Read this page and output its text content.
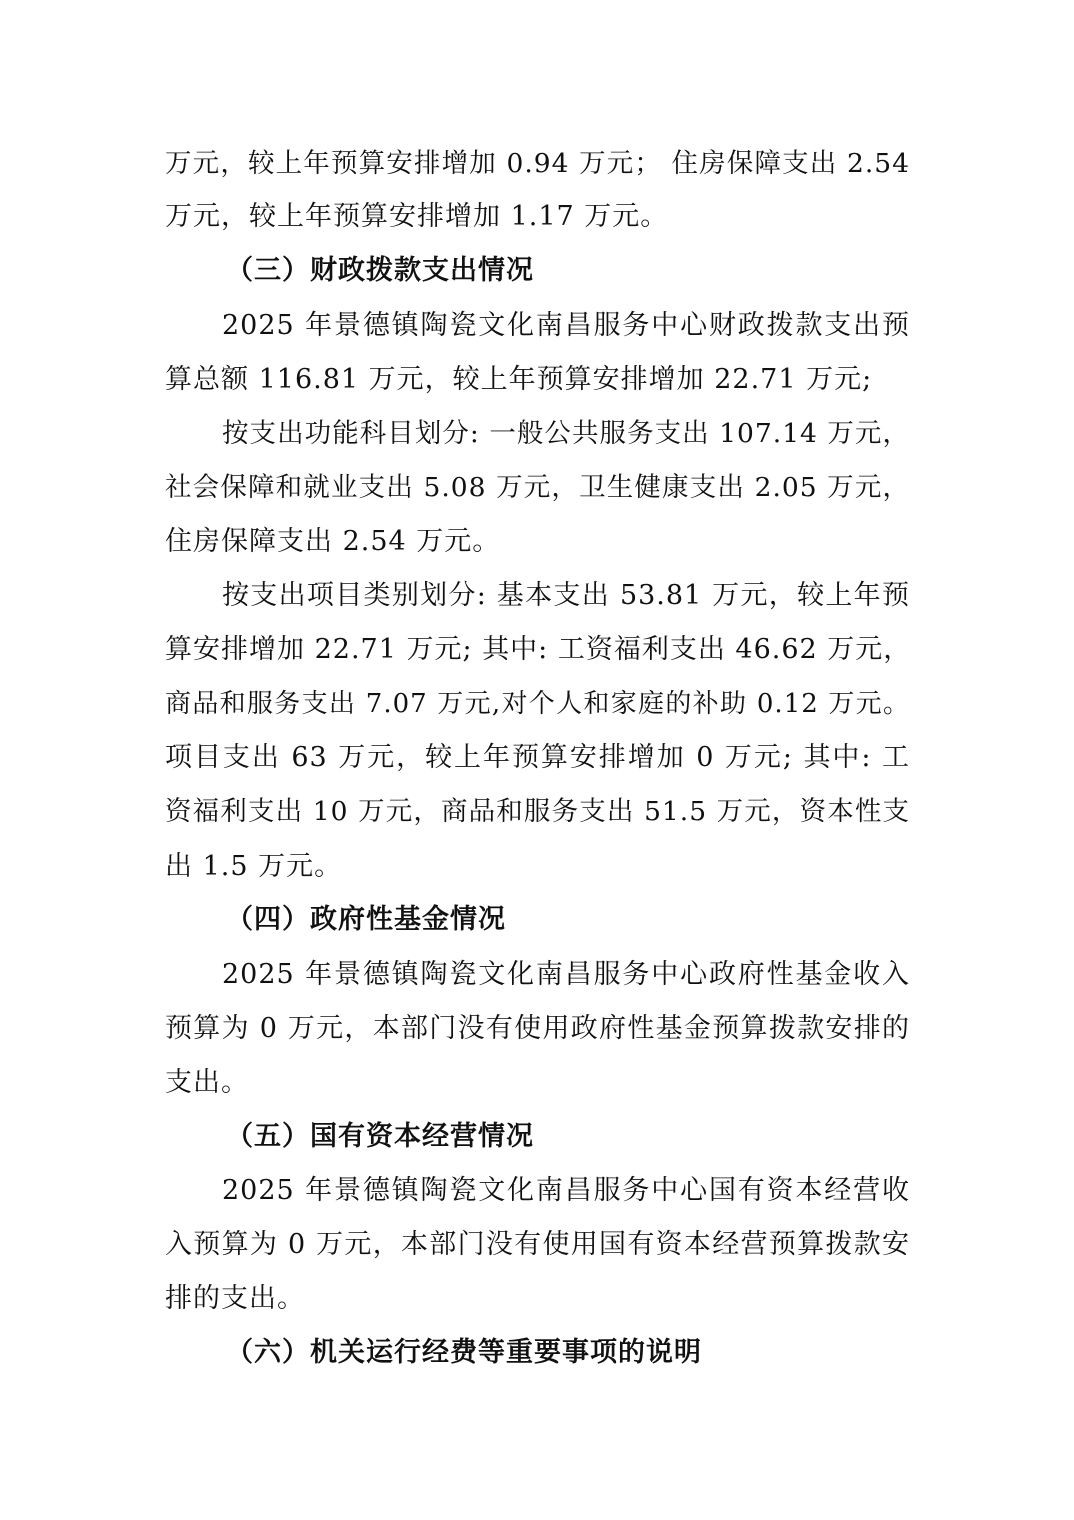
万元，较上年预算安排增加 0.94 万元； 住房保障支出 2.54
万元，较上年预算安排增加 1.17 万元。
（三）财政拨款支出情况
2025 年景德镇陶瓷文化南昌服务中心财政拨款支出预
算总额 116.81 万元，较上年预算安排增加 22.71 万元;
按支出功能科目划分: 一般公共服务支出 107.14 万元，
社会保障和就业支出 5.08 万元，卫生健康支出 2.05 万元，
住房保障支出 2.54 万元。
按支出项目类别划分: 基本支出 53.81 万元，较上年预
算安排增加 22.71 万元; 其中: 工资福利支出 46.62 万元，
商品和服务支出 7.07 万元,对个人和家庭的补助 0.12 万元。
项目支出 63 万元，较上年预算安排增加 0 万元; 其中: 工
资福利支出 10 万元，商品和服务支出 51.5 万元，资本性支
出 1.5 万元。
（四）政府性基金情况
2025 年景德镇陶瓷文化南昌服务中心政府性基金收入
预算为 0 万元，本部门没有使用政府性基金预算拨款安排的
支出。
（五）国有资本经营情况
2025 年景德镇陶瓷文化南昌服务中心国有资本经营收
入预算为 0 万元，本部门没有使用国有资本经营预算拨款安
排的支出。
（六）机关运行经费等重要事项的说明
